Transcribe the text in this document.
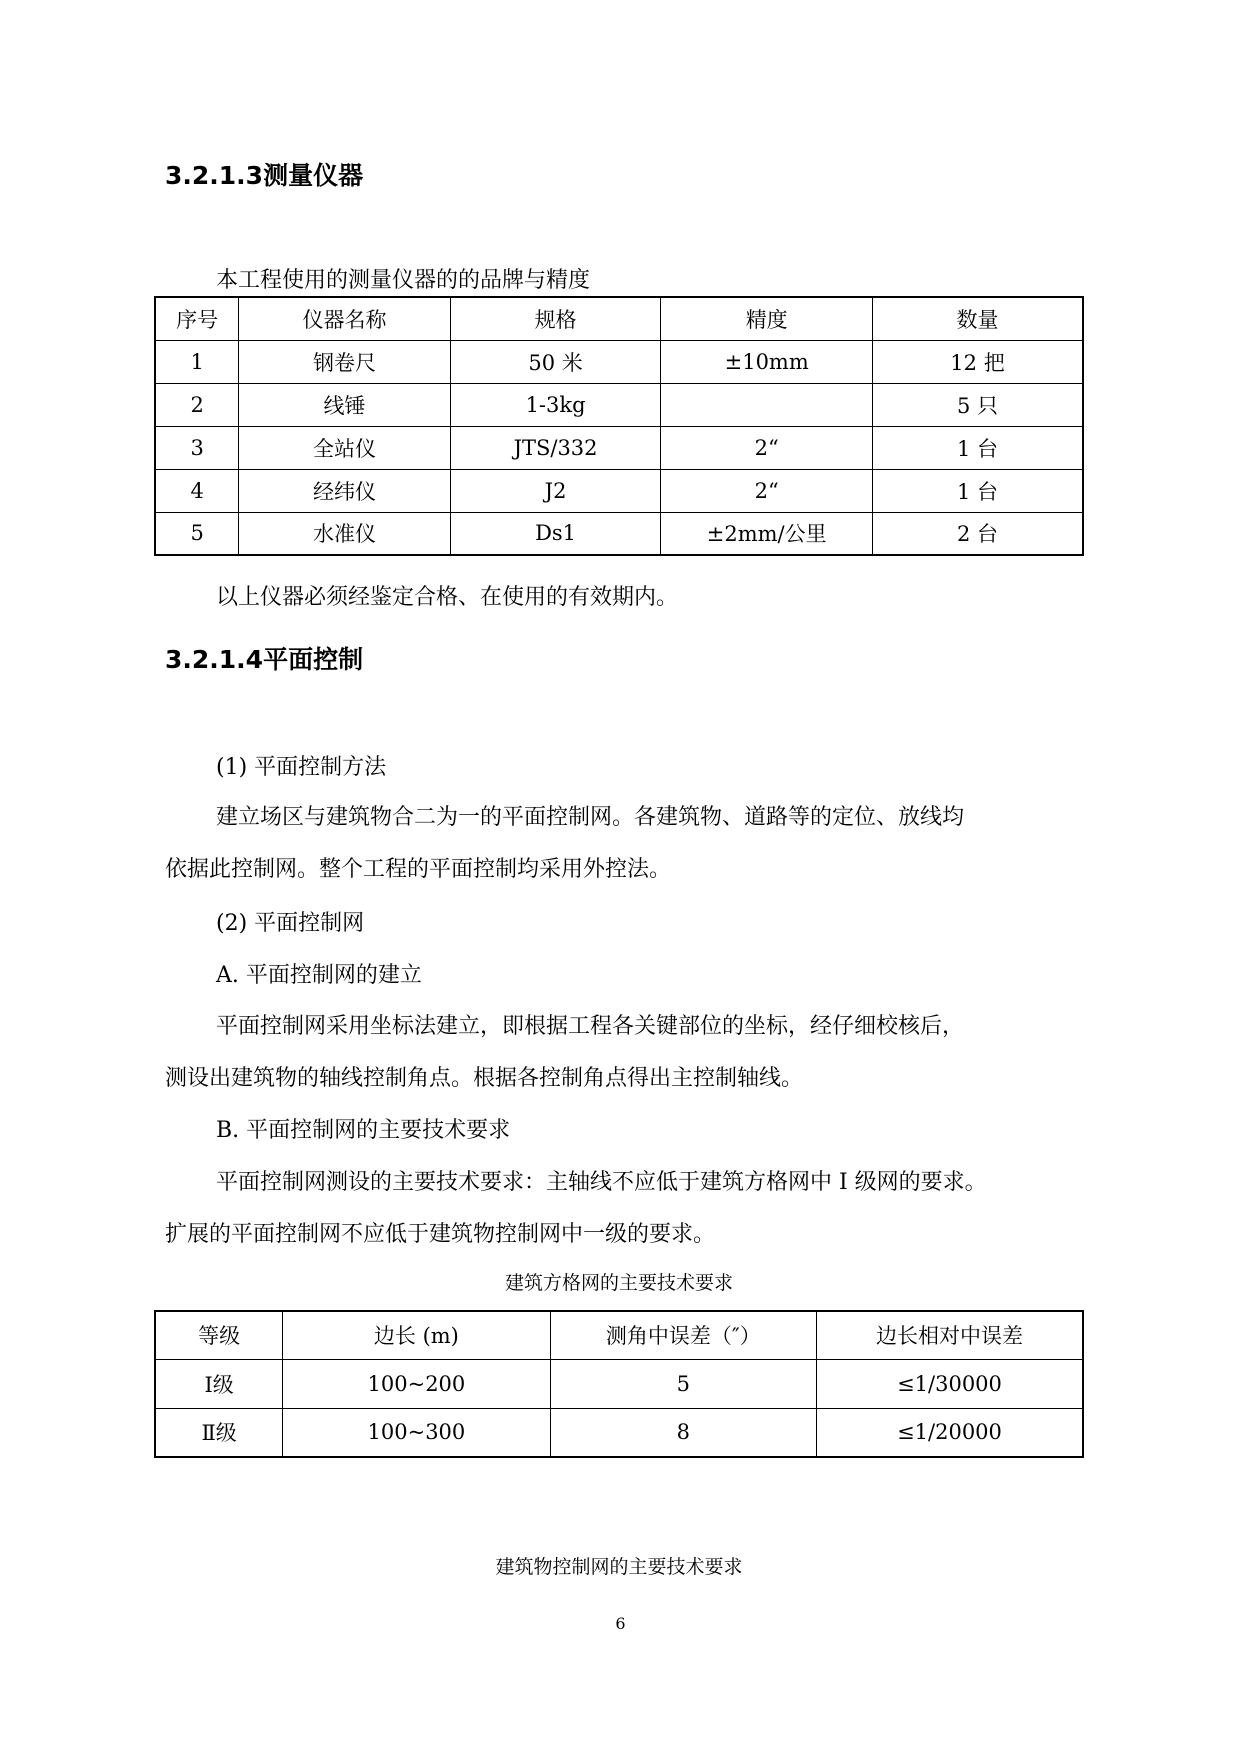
3.2.1.3测量仪器
本工程使用的测量仪器的的品牌与精度
序号	仪器名称	规格	精度	数量
1	钢卷尺	50 米	±10mm	12 把
2	线锤	1-3kg		5 只
3	全站仪	JTS/332	2“	1 台
4	经纬仪	J2	2“	1 台
5	水准仪	Ds1	±2mm/公里	2 台
以上仪器必须经鉴定合格、在使用的有效期内。
3.2.1.4平面控制
(1) 平面控制方法
建立场区与建筑物合二为一的平面控制网。各建筑物、道路等的定位、放线均
依据此控制网。整个工程的平面控制均采用外控法。
(2) 平面控制网
A. 平面控制网的建立
平面控制网采用坐标法建立，即根据工程各关键部位的坐标，经仔细校核后，
测设出建筑物的轴线控制角点。根据各控制角点得出主控制轴线。
B. 平面控制网的主要技术要求
平面控制网测设的主要技术要求：主轴线不应低于建筑方格网中 I 级网的要求。
扩展的平面控制网不应低于建筑物控制网中一级的要求。
建筑方格网的主要技术要求
等级	边长 (m)	测角中误差（″）	边长相对中误差
Ⅰ级	100~200	5	≤1/30000
Ⅱ级	100~300	8	≤1/20000
建筑物控制网的主要技术要求
6
